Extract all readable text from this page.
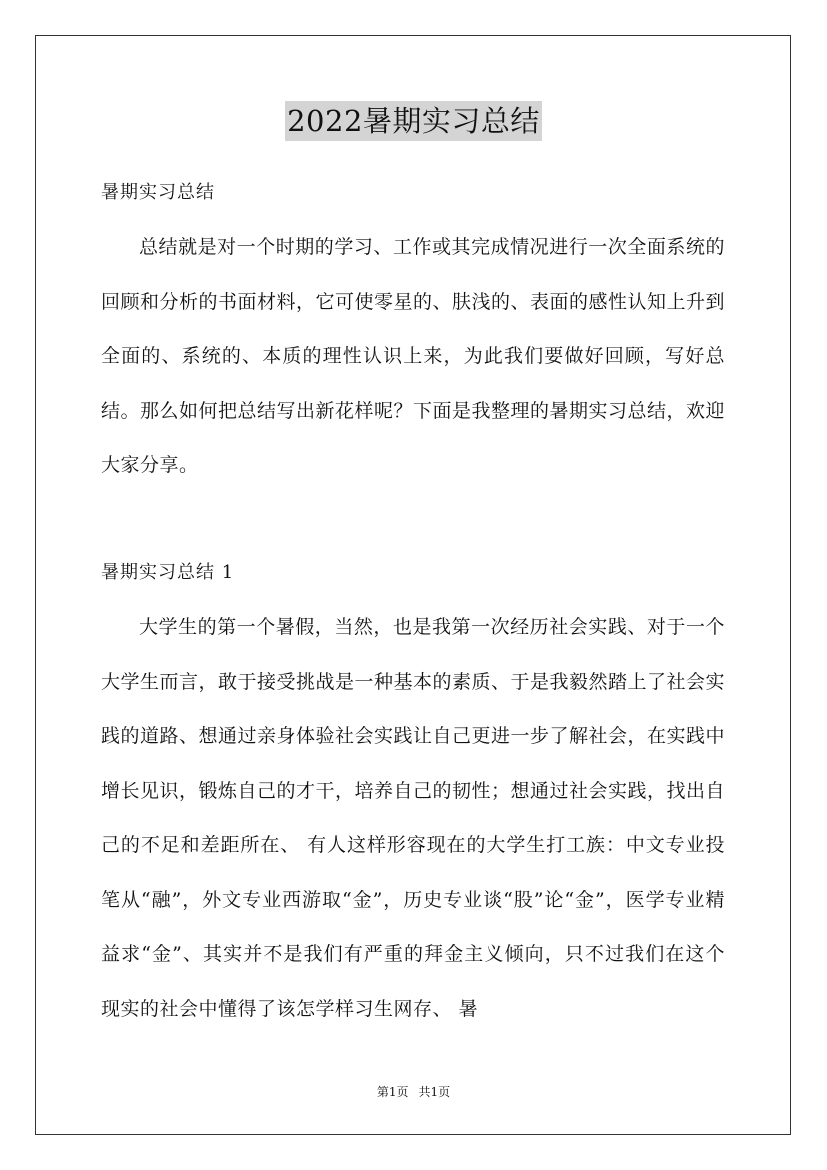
2022暑期实习总结
暑期实习总结
总结就是对一个时期的学习、工作或其完成情况进行一次全面系统的回顾和分析的书面材料，它可使零星的、肤浅的、表面的感性认知上升到全面的、系统的、本质的理性认识上来，为此我们要做好回顾，写好总结。那么如何把总结写出新花样呢？下面是我整理的暑期实习总结，欢迎大家分享。
暑期实习总结 1
大学生的第一个暑假，当然，也是我第一次经历社会实践、对于一个大学生而言，敢于接受挑战是一种基本的素质、于是我毅然踏上了社会实践的道路、想通过亲身体验社会实践让自己更进一步了解社会，在实践中增长见识，锻炼自己的才干，培养自己的韧性；想通过社会实践，找出自己的不足和差距所在、 有人这样形容现在的大学生打工族：中文专业投笔从“融”，外文专业西游取“金”，历史专业谈“股”论“金”，医学专业精益求“金”、其实并不是我们有严重的拜金主义倾向，只不过我们在这个现实的社会中懂得了该怎学样习生网存、 暑
第1页 共1页
